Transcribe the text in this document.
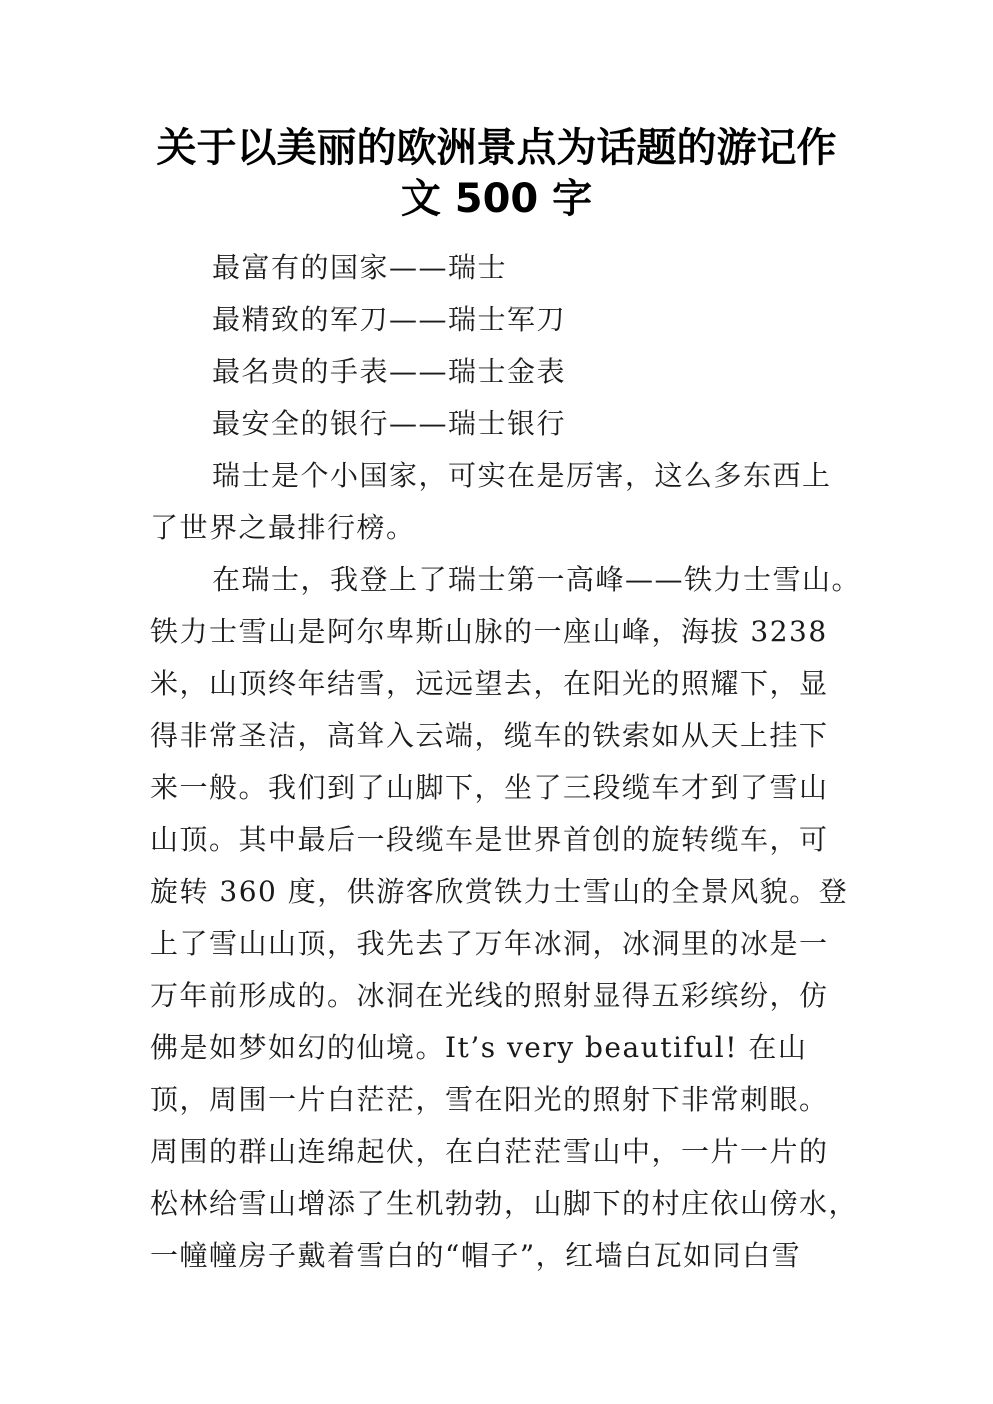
关于以美丽的欧洲景点为话题的游记作
文 500 字
最富有的国家——瑞士
最精致的军刀——瑞士军刀
最名贵的手表——瑞士金表
最安全的银行——瑞士银行
瑞士是个小国家，可实在是厉害，这么多东西上
了世界之最排行榜。
在瑞士，我登上了瑞士第一高峰——铁力士雪山。
铁力士雪山是阿尔卑斯山脉的一座山峰，海拔 3238
米，山顶终年结雪，远远望去，在阳光的照耀下，显
得非常圣洁，高耸入云端，缆车的铁索如从天上挂下
来一般。我们到了山脚下，坐了三段缆车才到了雪山
山顶。其中最后一段缆车是世界首创的旋转缆车，可
旋转 360 度，供游客欣赏铁力士雪山的全景风貌。登
上了雪山山顶，我先去了万年冰洞，冰洞里的冰是一
万年前形成的。冰洞在光线的照射显得五彩缤纷，仿
佛是如梦如幻的仙境。It’s very beautiful! 在山
顶，周围一片白茫茫，雪在阳光的照射下非常刺眼。
周围的群山连绵起伏，在白茫茫雪山中，一片一片的
松林给雪山增添了生机勃勃，山脚下的村庄依山傍水，
一幢幢房子戴着雪白的“帽子”，红墙白瓦如同白雪
